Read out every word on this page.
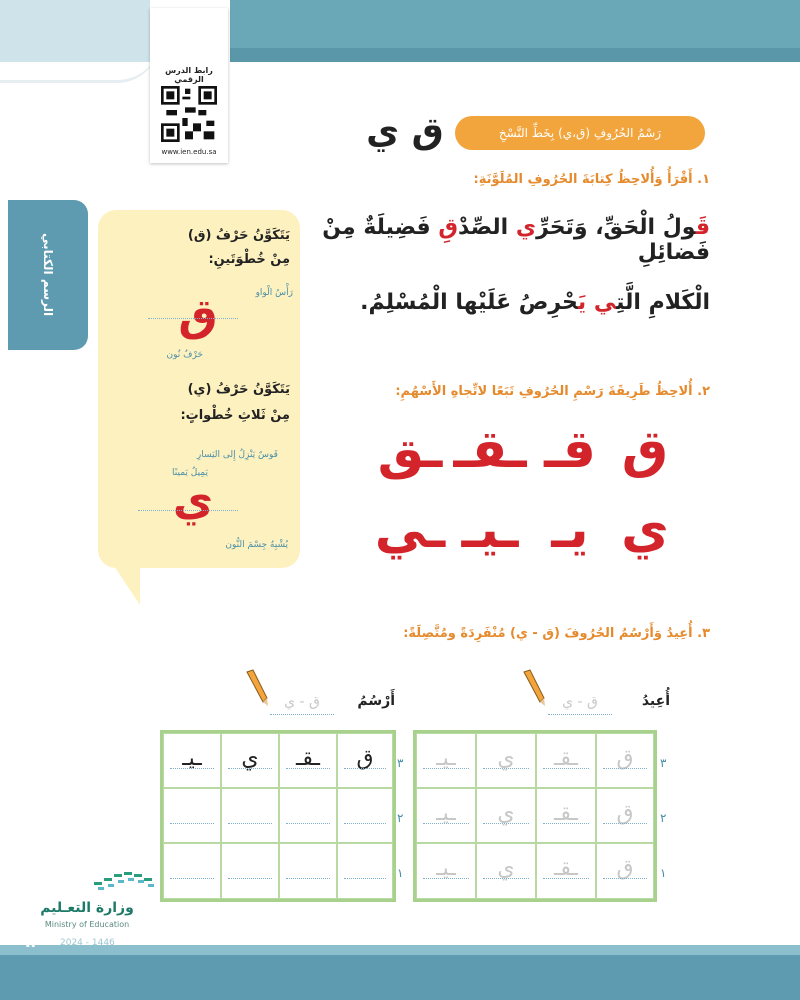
رابط الدرس الرقمي
www.ien.edu.sa
الرسم الكتابي
ق ي	رَسْمُ الحُرُوفِ (ق،ي) بِخَطِّ النَّسْخِ
١. أَقْرَأُ وَأُلاحِظُ كِتابَةَ الحُرُوفِ المُلَوَّنَةِ:
قَولُ الْحَقِّ، وَتَحَرِّي الصِّدْقِ فَضِيلَةٌ مِنْ فَضائِلِ
الْكَلامِ الَّتِي يَحْرِصُ عَلَيْها الْمُسْلِمُ.
يَتَكَوَّنُ حَرْفُ (ق)
مِنْ خُطْوَتَينِ:
رَأْسُ الْواو
ق
حَرْفُ نُون
يَتَكَوَّنُ حَرْفُ (ي)
مِنْ ثَلاثِ خُطْواتٍ:
قَوسٌ يَنْزِلُ إِلى اليَسارِ
يَمِيلُ يَمينًا
ي
يُشْبِهُ جِسْمَ النُّون
٢. أُلاحِظُ طَرِيقَةَ رَسْمِ الحُرُوفِ تَبَعًا لاتِّجاهِ الأَسْهُمِ:
ق
قـ
ـقـ
ـق
ي
يـ
ـيـ
ـي
٣. أُعِيدُ وَأَرْسُمُ الحُرُوفَ (ق - ي) مُنْفَرِدَةً ومُتَّصِلَةً:
أُعِيدُ
ق - ي
أَرْسُمُ
ق - ي
ق
ـقـ
ي
ـيـ
ق
ـقـ
ي
ـيـ
ق
ـقـ
ي
ـيـ
٣
٢
١
ق
ـقـ
ي
ـيـ	٣
٢
١
وزارة التعـليم
Ministry of Education
2024 - 1446
٩٣
